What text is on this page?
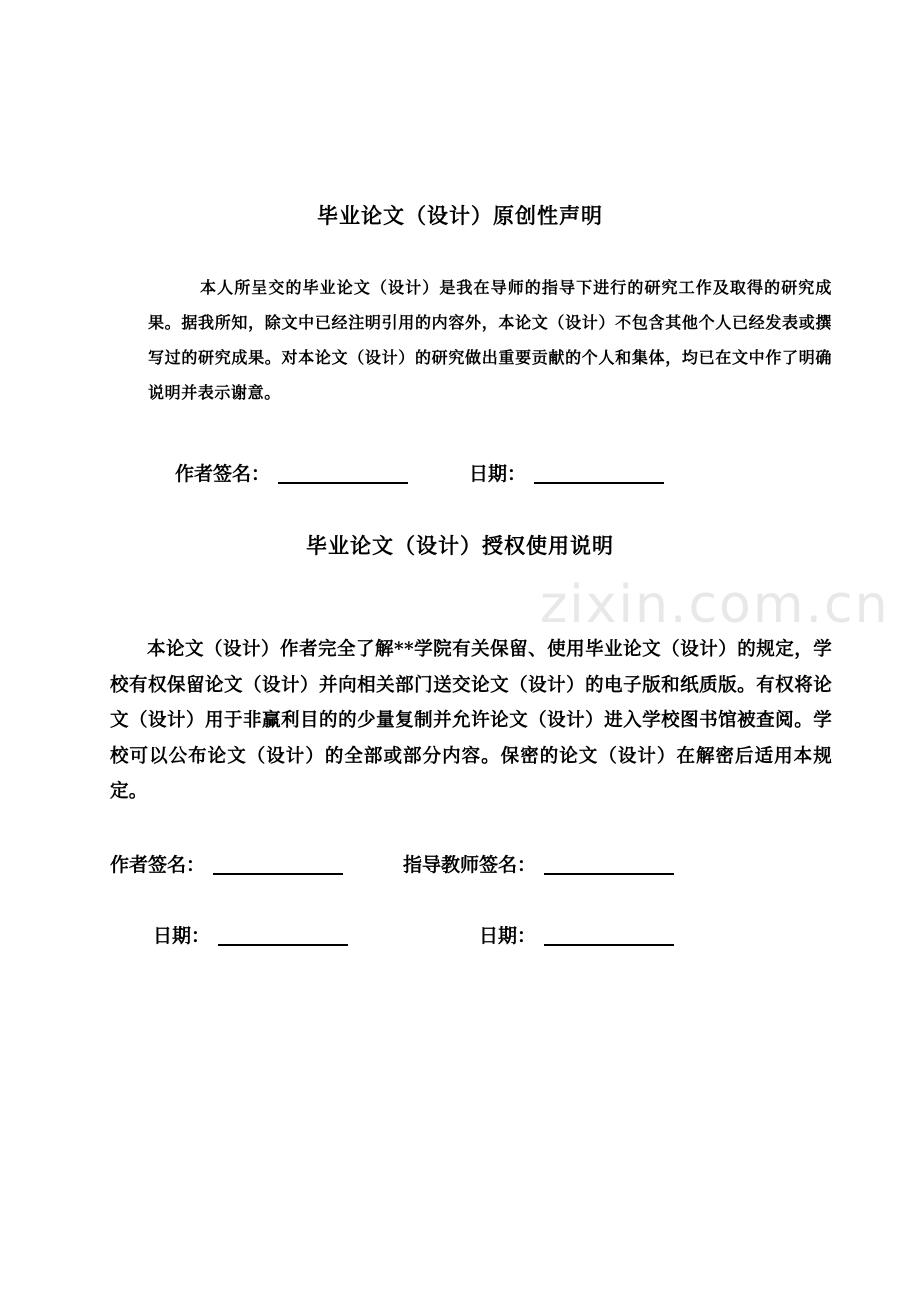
zixin.com.cn
毕业论文（设计）原创性声明
本人所呈交的毕业论文（设计）是我在导师的指导下进行的研究工作及取得的研究成果。据我所知，除文中已经注明引用的内容外，本论文（设计）不包含其他个人已经发表或撰写过的研究成果。对本论文（设计）的研究做出重要贡献的个人和集体，均已在文中作了明确说明并表示谢意。
作者签名：	日期：
毕业论文（设计）授权使用说明
本论文（设计）作者完全了解**学院有关保留、使用毕业论文（设计）的规定，学校有权保留论文（设计）并向相关部门送交论文（设计）的电子版和纸质版。有权将论文（设计）用于非赢利目的的少量复制并允许论文（设计）进入学校图书馆被查阅。学校可以公布论文（设计）的全部或部分内容。保密的论文（设计）在解密后适用本规定。
作者签名：	指导教师签名：
日期：	日期：
